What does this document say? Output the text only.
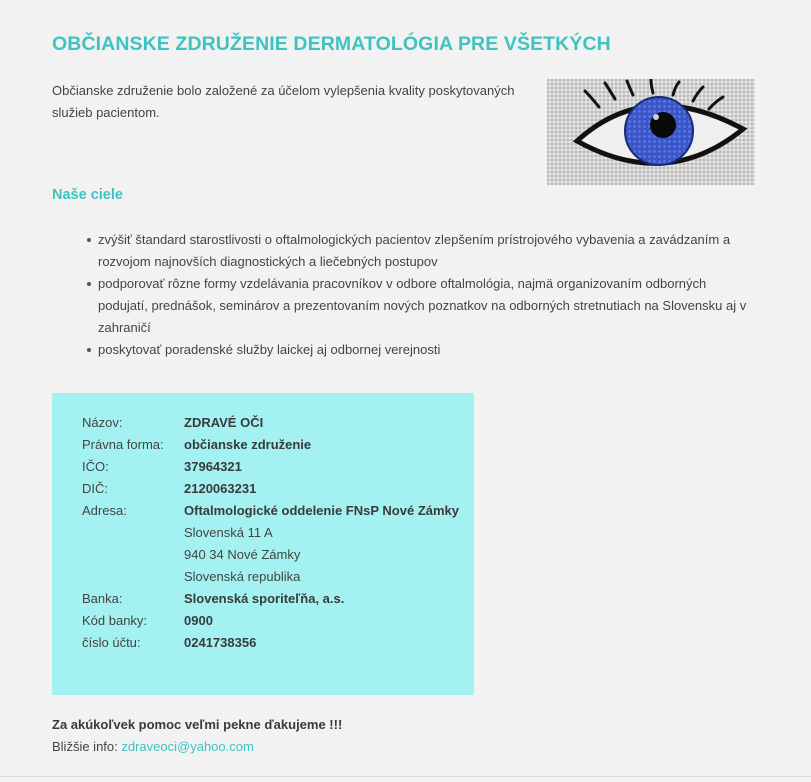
OBČIANSKE ZDRUŽENIE DERMATOLÓGIA PRE VŠETKÝCH
Občianske združenie bolo založené za účelom vylepšenia kvality poskytovaných služieb pacientom.
Naše ciele
zvýšiť štandard starostlivosti o oftalmologických pacientov zlepšením prístrojového vybavenia a zavádzaním a rozvojom najnovších diagnostických a liečebných postupov
podporovať rôzne formy vzdelávania pracovníkov v odbore oftalmológia, najmä organizovaním odborných podujatí, prednášok, seminárov a prezentovaním nových poznatkov na odborných stretnutiach na Slovensku aj v zahraničí
poskytovať poradenské služby laickej aj odbornej verejnosti
Názov:	ZDRAVÉ OČI
Právna forma: občianske združenie
IČO:	37964321
DIČ:	2120063231
Adresa:	Oftalmologické oddelenie FNsP Nové Zámky
Slovenská 11 A
940 34 Nové Zámky
Slovenská republika
Banka:	Slovenská sporiteľňa, a.s.
Kód banky:	0900
číslo účtu:	0241738356
Za akúkoľvek pomoc veľmi pekne ďakujeme !!!
Bližšie info: zdraveoci@yahoo.com
